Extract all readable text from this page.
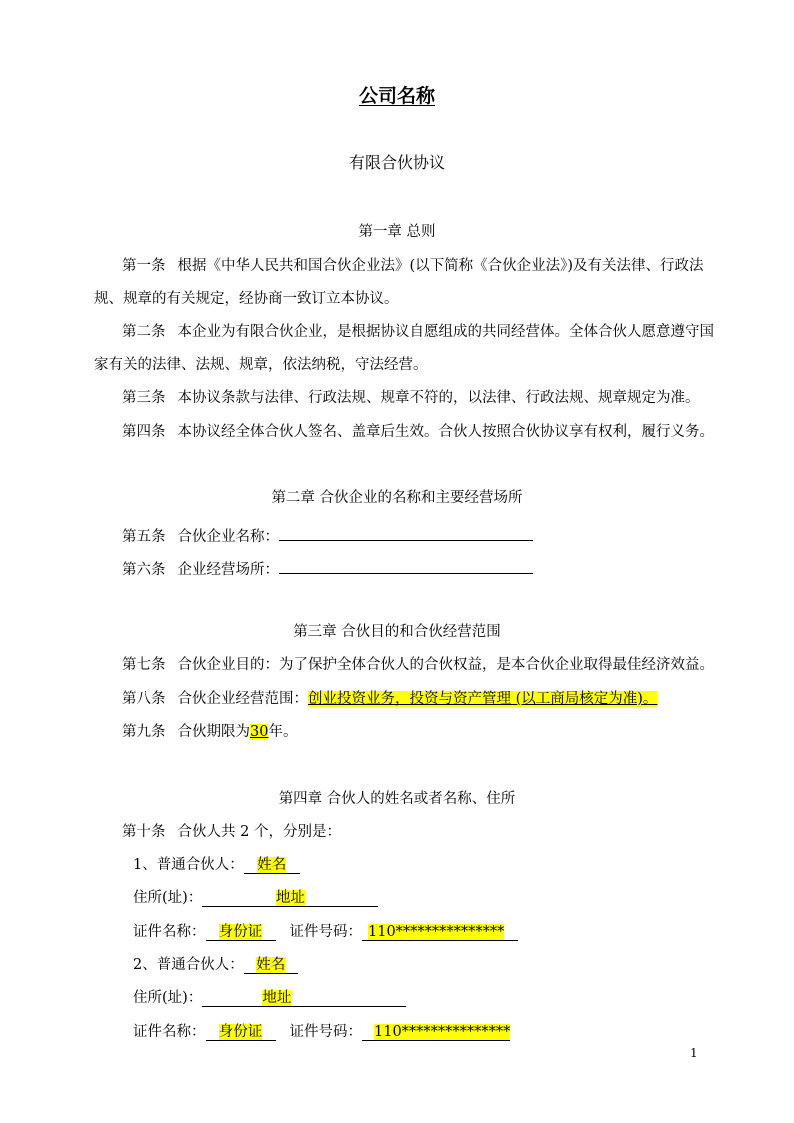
公司名称
有限合伙协议
第一章 总则
第一条 根据《中华人民共和国合伙企业法》(以下简称《合伙企业法》)及有关法律、行政法
规、规章的有关规定，经协商一致订立本协议。
第二条 本企业为有限合伙企业，是根据协议自愿组成的共同经营体。全体合伙人愿意遵守国
家有关的法律、法规、规章，依法纳税，守法经营。
第三条 本协议条款与法律、行政法规、规章不符的，以法律、行政法规、规章规定为准。
第四条 本协议经全体合伙人签名、盖章后生效。合伙人按照合伙协议享有权利，履行义务。
第二章 合伙企业的名称和主要经营场所
第五条 合伙企业名称：
第六条 企业经营场所：
第三章 合伙目的和合伙经营范围
第七条 合伙企业目的：为了保护全体合伙人的合伙权益，是本合伙企业取得最佳经济效益。
第八条 合伙企业经营范围：创业投资业务，投资与资产管理 (以工商局核定为准)。
第九条 合伙期限为30年。
第四章 合伙人的姓名或者名称、住所
第十条 合伙人共 2 个，分别是：
1、普通合伙人： 姓名
住所(址)：	地址
证件名称： 身份证 证件号码： 110***************
2、普通合伙人： 姓名
住所(址)：	地址
证件名称： 身份证 证件号码： 110***************
1
